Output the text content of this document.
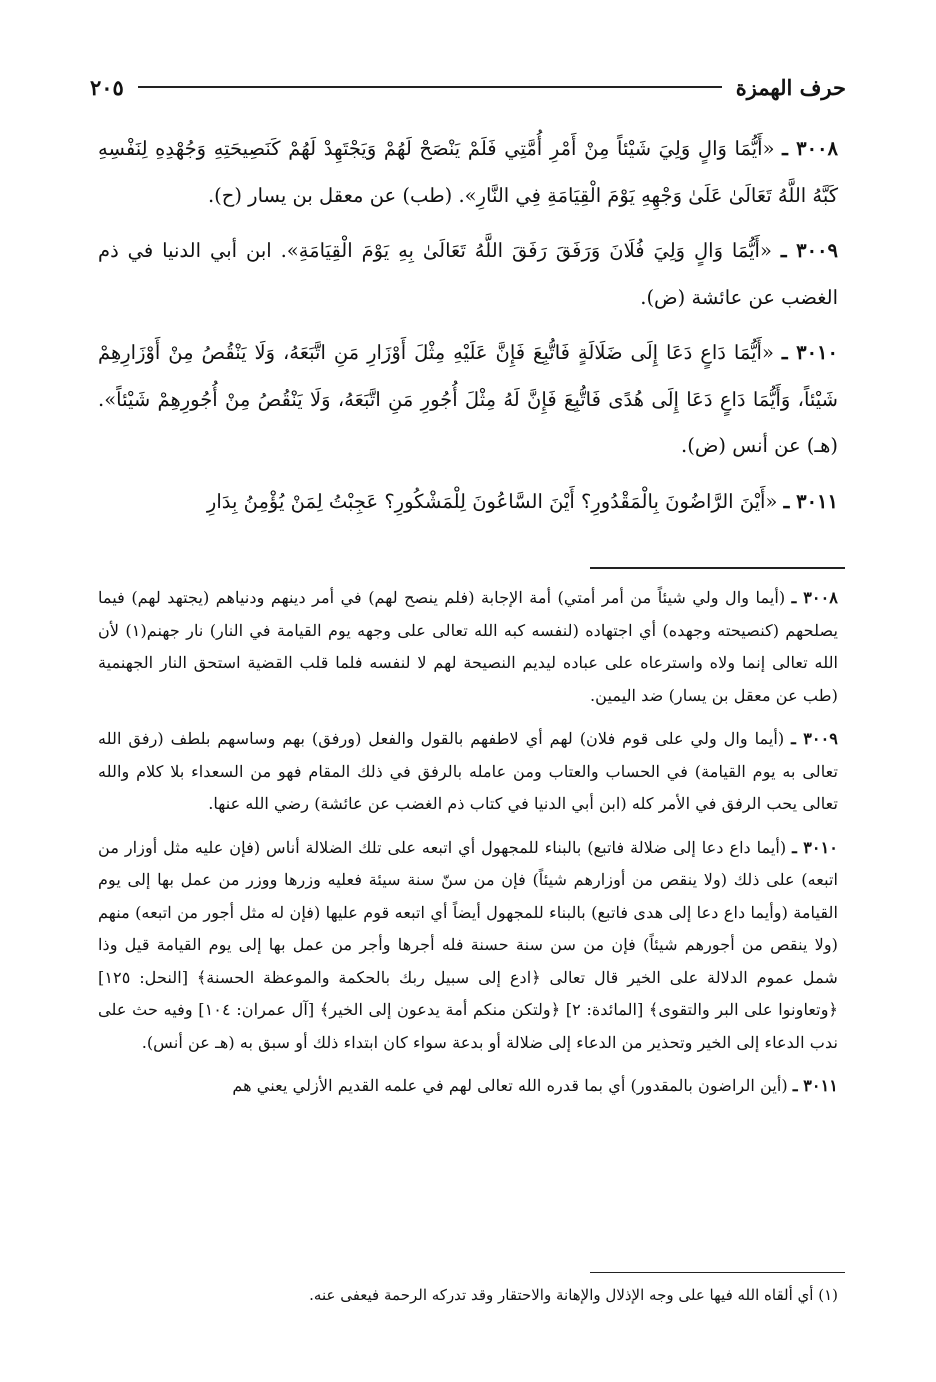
حرف الهمزة
٢٠٥

٣٠٠٨ ـ «أَيُّمَا وَالٍ وَلِيَ شَيْئاً مِنْ أَمْرِ أُمَّتِي فَلَمْ يَنْصَحْ لَهُمْ وَيَجْتَهِدْ لَهُمْ كَنَصِيحَتِهِ وَجُهْدِهِ لِنَفْسِهِ كَبَّهُ اللَّهُ تَعَالَىٰ عَلَىٰ وَجْهِهِ يَوْمَ الْقِيَامَةِ فِي النَّارِ». (طب) عن معقل بن يسار (ح).

٣٠٠٩ ـ «أَيُّمَا وَالٍ وَلِيَ فُلَانَ وَرَفَقَ رَفَقَ اللَّهُ تَعَالَىٰ بِهِ يَوْمَ الْقِيَامَةِ». ابن أبي الدنيا في ذم الغضب عن عائشة (ض).

٣٠١٠ ـ «أَيُّمَا دَاعٍ دَعَا إِلَى ضَلَالَةٍ فَاتُّبِعَ فَإِنَّ عَلَيْهِ مِثْلَ أَوْزَارِ مَنِ اتَّبَعَهُ، وَلَا يَنْقُصُ مِنْ أَوْزَارِهِمْ شَيْئاً، وَأَيُّمَا دَاعٍ دَعَا إِلَى هُدًى فَاتُّبِعَ فَإِنَّ لَهُ مِثْلَ أُجُورِ مَنِ اتَّبَعَهُ، وَلَا يَنْقُصُ مِنْ أُجُورِهِمْ شَيْئاً». (هـ) عن أنس (ض).

٣٠١١ ـ «أَيْنَ الرَّاضُونَ بِالْمَقْدُورِ؟ أَيْنَ السَّاعُونَ لِلْمَشْكُورِ؟ عَجِبْتُ لِمَنْ يُؤْمِنُ بِدَارِ

٣٠٠٨ ـ (أيما وال ولي شيئاً من أمر أمتي) أمة الإجابة (فلم ينصح لهم) في أمر دينهم ودنياهم (يجتهد لهم) فيما يصلحهم (كنصيحته وجهده) أي اجتهاده (لنفسه كبه الله تعالى على وجهه يوم القيامة في النار) نار جهنم(١) لأن الله تعالى إنما ولاه واسترعاه على عباده ليديم النصيحة لهم لا لنفسه فلما قلب القضية استحق النار الجهنمية (طب عن معقل بن يسار) ضد اليمين.

٣٠٠٩ ـ (أيما وال ولي على قوم فلان) لهم أي لاطفهم بالقول والفعل (ورفق) بهم وساسهم بلطف (رفق الله تعالى به يوم القيامة) في الحساب والعتاب ومن عامله بالرفق في ذلك المقام فهو من السعداء بلا كلام والله تعالى يحب الرفق في الأمر كله (ابن أبي الدنيا في كتاب ذم الغضب عن عائشة) رضي الله عنها.

٣٠١٠ ـ (أيما داع دعا إلى ضلالة فاتبع) بالبناء للمجهول أي اتبعه على تلك الضلالة أناس (فإن عليه مثل أوزار من اتبعه) على ذلك (ولا ينقص من أوزارهم شيئاً) فإن من سنّ سنة سيئة فعليه وزرها ووزر من عمل بها إلى يوم القيامة (وأيما داع دعا إلى هدى فاتبع) بالبناء للمجهول أيضاً أي اتبعه قوم عليها (فإن له مثل أجور من اتبعه) منهم (ولا ينقص من أجورهم شيئاً) فإن من سن سنة حسنة فله أجرها وأجر من عمل بها إلى يوم القيامة قيل وذا شمل عموم الدلالة على الخير قال تعالى ﴿ادع إلى سبيل ربك بالحكمة والموعظة الحسنة﴾ [النحل: ١٢٥] ﴿وتعاونوا على البر والتقوى﴾ [المائدة: ٢] ﴿ولتكن منكم أمة يدعون إلى الخير﴾ [آل عمران: ١٠٤] وفيه حث على ندب الدعاء إلى الخير وتحذير من الدعاء إلى ضلالة أو بدعة سواء كان ابتداء ذلك أو سبق به (هـ عن أنس).

٣٠١١ ـ (أين الراضون بالمقدور) أي بما قدره الله تعالى لهم في علمه القديم الأزلي يعني هم

(١) أي ألقاه الله فيها على وجه الإذلال والإهانة والاحتقار وقد تدركه الرحمة فيعفى عنه.
